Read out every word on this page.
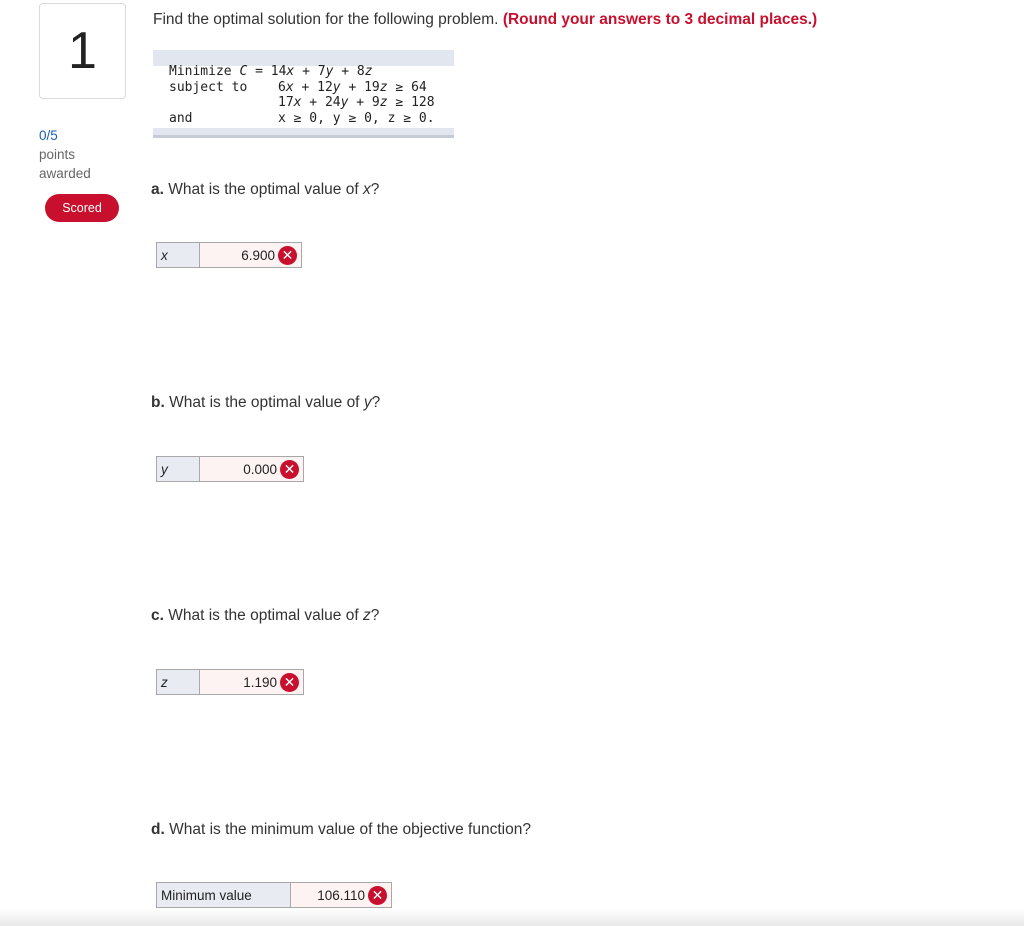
1
0/5
points
awarded
Scored
Find the optimal solution for the following problem. (Round your answers to 3 decimal places.)
Minimize C = 14x + 7y + 8z
subject to 6x + 12y + 19z ≥ 64
17x + 24y + 9z ≥ 128
and	x ≥ 0, y ≥ 0, z ≥ 0.
a. What is the optimal value of x?
x	6.900 ✕
b. What is the optimal value of y?
y	0.000 ✕
c. What is the optimal value of z?
z	1.190 ✕
d. What is the minimum value of the objective function?
Minimum value	106.110 ✕
